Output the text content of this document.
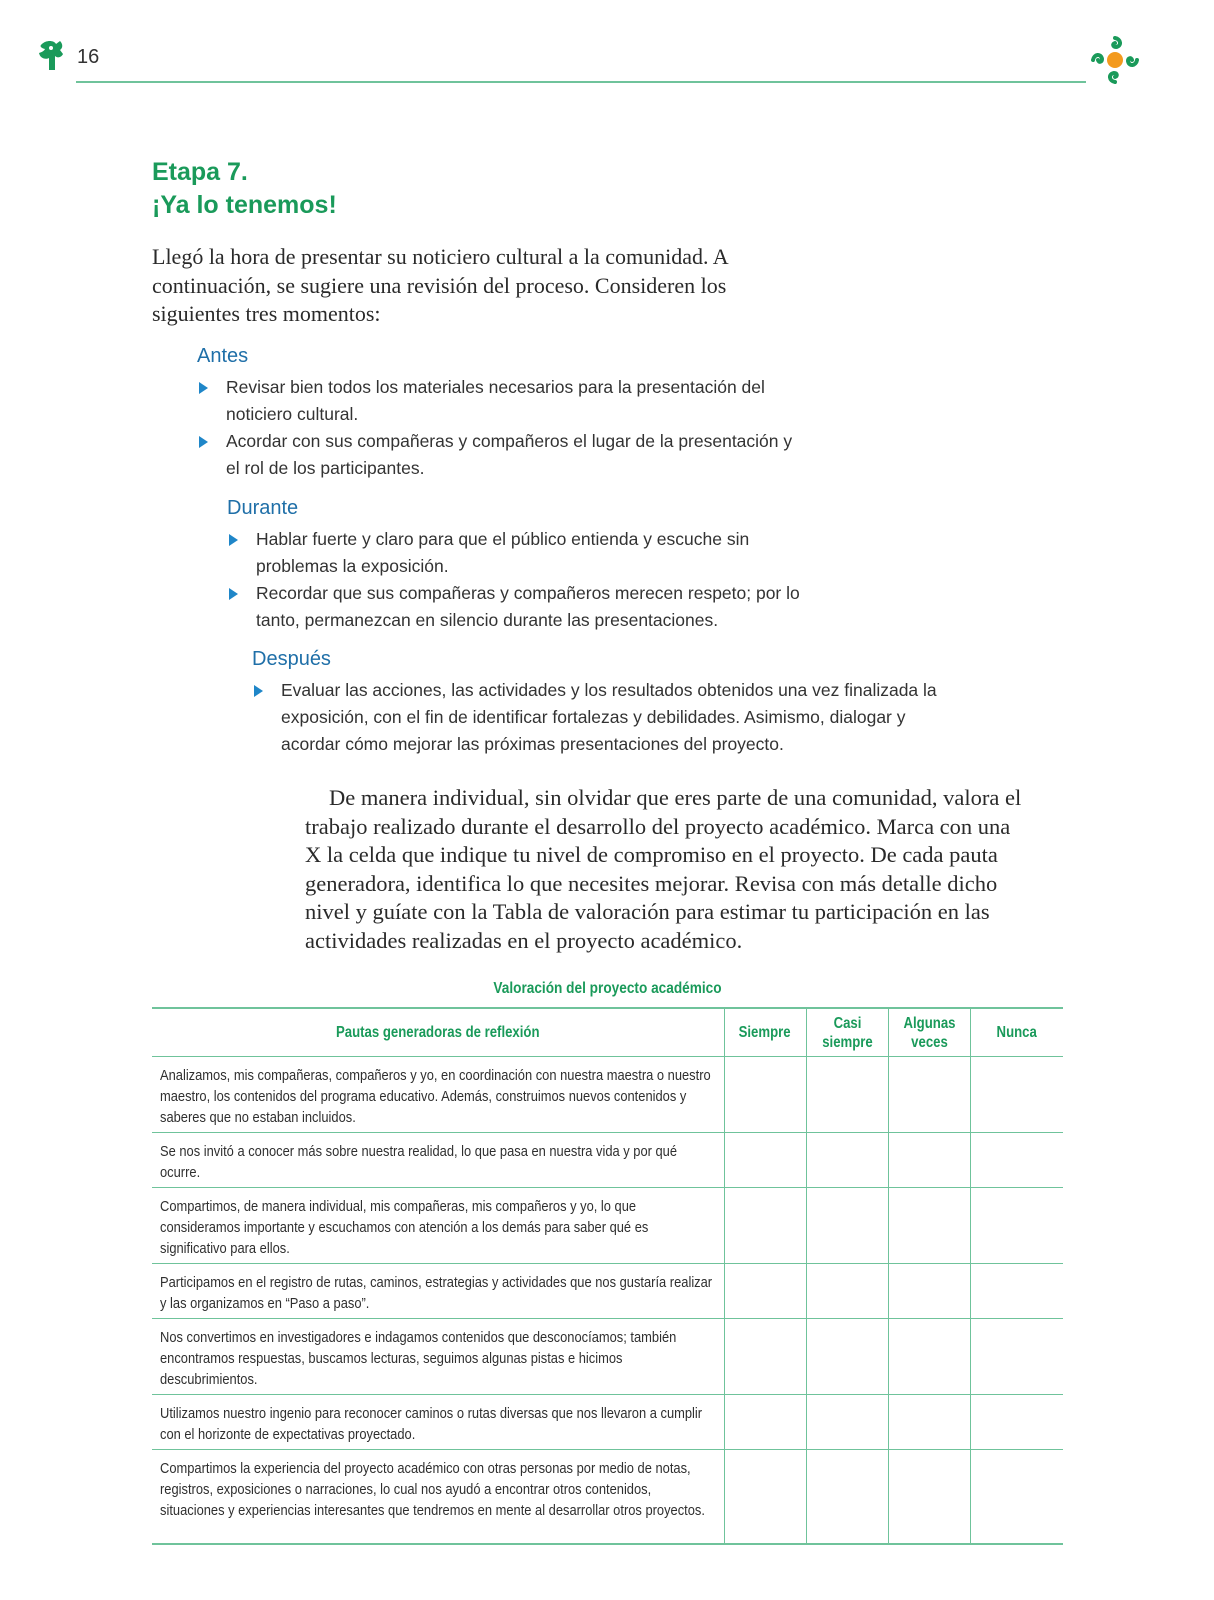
16
Etapa 7.
¡Ya lo tenemos!

Llegó la hora de presentar su noticiero cultural a la comunidad. A continuación, se sugiere una revisión del proceso. Consideren los siguientes tres momentos:

Antes
Revisar bien todos los materiales necesarios para la presentación del noticiero cultural.
Acordar con sus compañeras y compañeros el lugar de la presentación y el rol de los participantes.
Durante
Hablar fuerte y claro para que el público entienda y escuche sin problemas la exposición.
Recordar que sus compañeras y compañeros merecen respeto; por lo tanto, permanezcan en silencio durante las presentaciones.
Después
Evaluar las acciones, las actividades y los resultados obtenidos una vez finalizada la exposición, con el fin de identificar fortalezas y debilidades. Asimismo, dialogar y acordar cómo mejorar las próximas presentaciones del proyecto.

De manera individual, sin olvidar que eres parte de una comunidad, valora el trabajo realizado durante el desarrollo del proyecto académico. Marca con una X la celda que indique tu nivel de compromiso en el proyecto. De cada pauta generadora, identifica lo que necesites mejorar. Revisa con más detalle dicho nivel y guíate con la Tabla de valoración para estimar tu participación en las actividades realizadas en el proyecto académico.

Valoración del proyecto académico
Pautas generadoras de reflexión	Siempre	Casi siempre	Algunas veces	Nunca

Analizamos, mis compañeras, compañeros y yo, en coordinación con nuestra maestra o nuestro maestro, los contenidos del programa educativo. Además, construimos nuevos contenidos y saberes que no estaban incluidos.				

Se nos invitó a conocer más sobre nuestra realidad, lo que pasa en nuestra vida y por qué ocurre.				

Compartimos, de manera individual, mis compañeras, mis compañeros y yo, lo que consideramos importante y escuchamos con atención a los demás para saber qué es significativo para ellos.				

Participamos en el registro de rutas, caminos, estrategias y actividades que nos gustaría realizar y las organizamos en “Paso a paso”.				

Nos convertimos en investigadores e indagamos contenidos que desconocíamos; también encontramos respuestas, buscamos lecturas, seguimos algunas pistas e hicimos descubrimientos.				

Utilizamos nuestro ingenio para reconocer caminos o rutas diversas que nos llevaron a cumplir con el horizonte de expectativas proyectado.				

Compartimos la experiencia del proyecto académico con otras personas por medio de notas, registros, exposiciones o narraciones, lo cual nos ayudó a encontrar otros contenidos, situaciones y experiencias interesantes que tendremos en mente al desarrollar otros proyectos.				
